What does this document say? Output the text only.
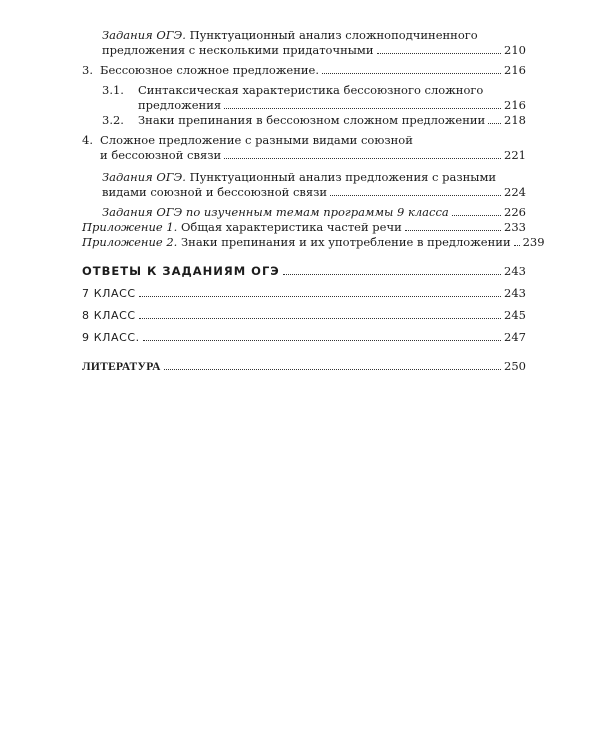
Задания ОГЭ. Пунктуационный анализ сложноподчиненного
предложения с несколькими придаточными	210
3. Бессоюзное сложное предложение.	216
3.1. Синтаксическая характеристика бессоюзного сложного
предложения	216
3.2.	Знаки препинания в бессоюзном сложном предложении 218
4. Сложное предложение с разными видами союзной
и бессоюзной связи	221
Задания ОГЭ. Пунктуационный анализ предложения с разными
видами союзной и бессоюзной связи	224
Задания ОГЭ по изученным темам программы 9 класса	226
Приложение 1. Общая характеристика частей речи	233
Приложение 2. Знаки препинания и их употребление в предложении 239
ОТВЕТЫ К ЗАДАНИЯМ ОГЭ	243
7 КЛАСС	243
8 КЛАСС	245
9 КЛАСС.	247
ЛИТЕРАТУРА	250
